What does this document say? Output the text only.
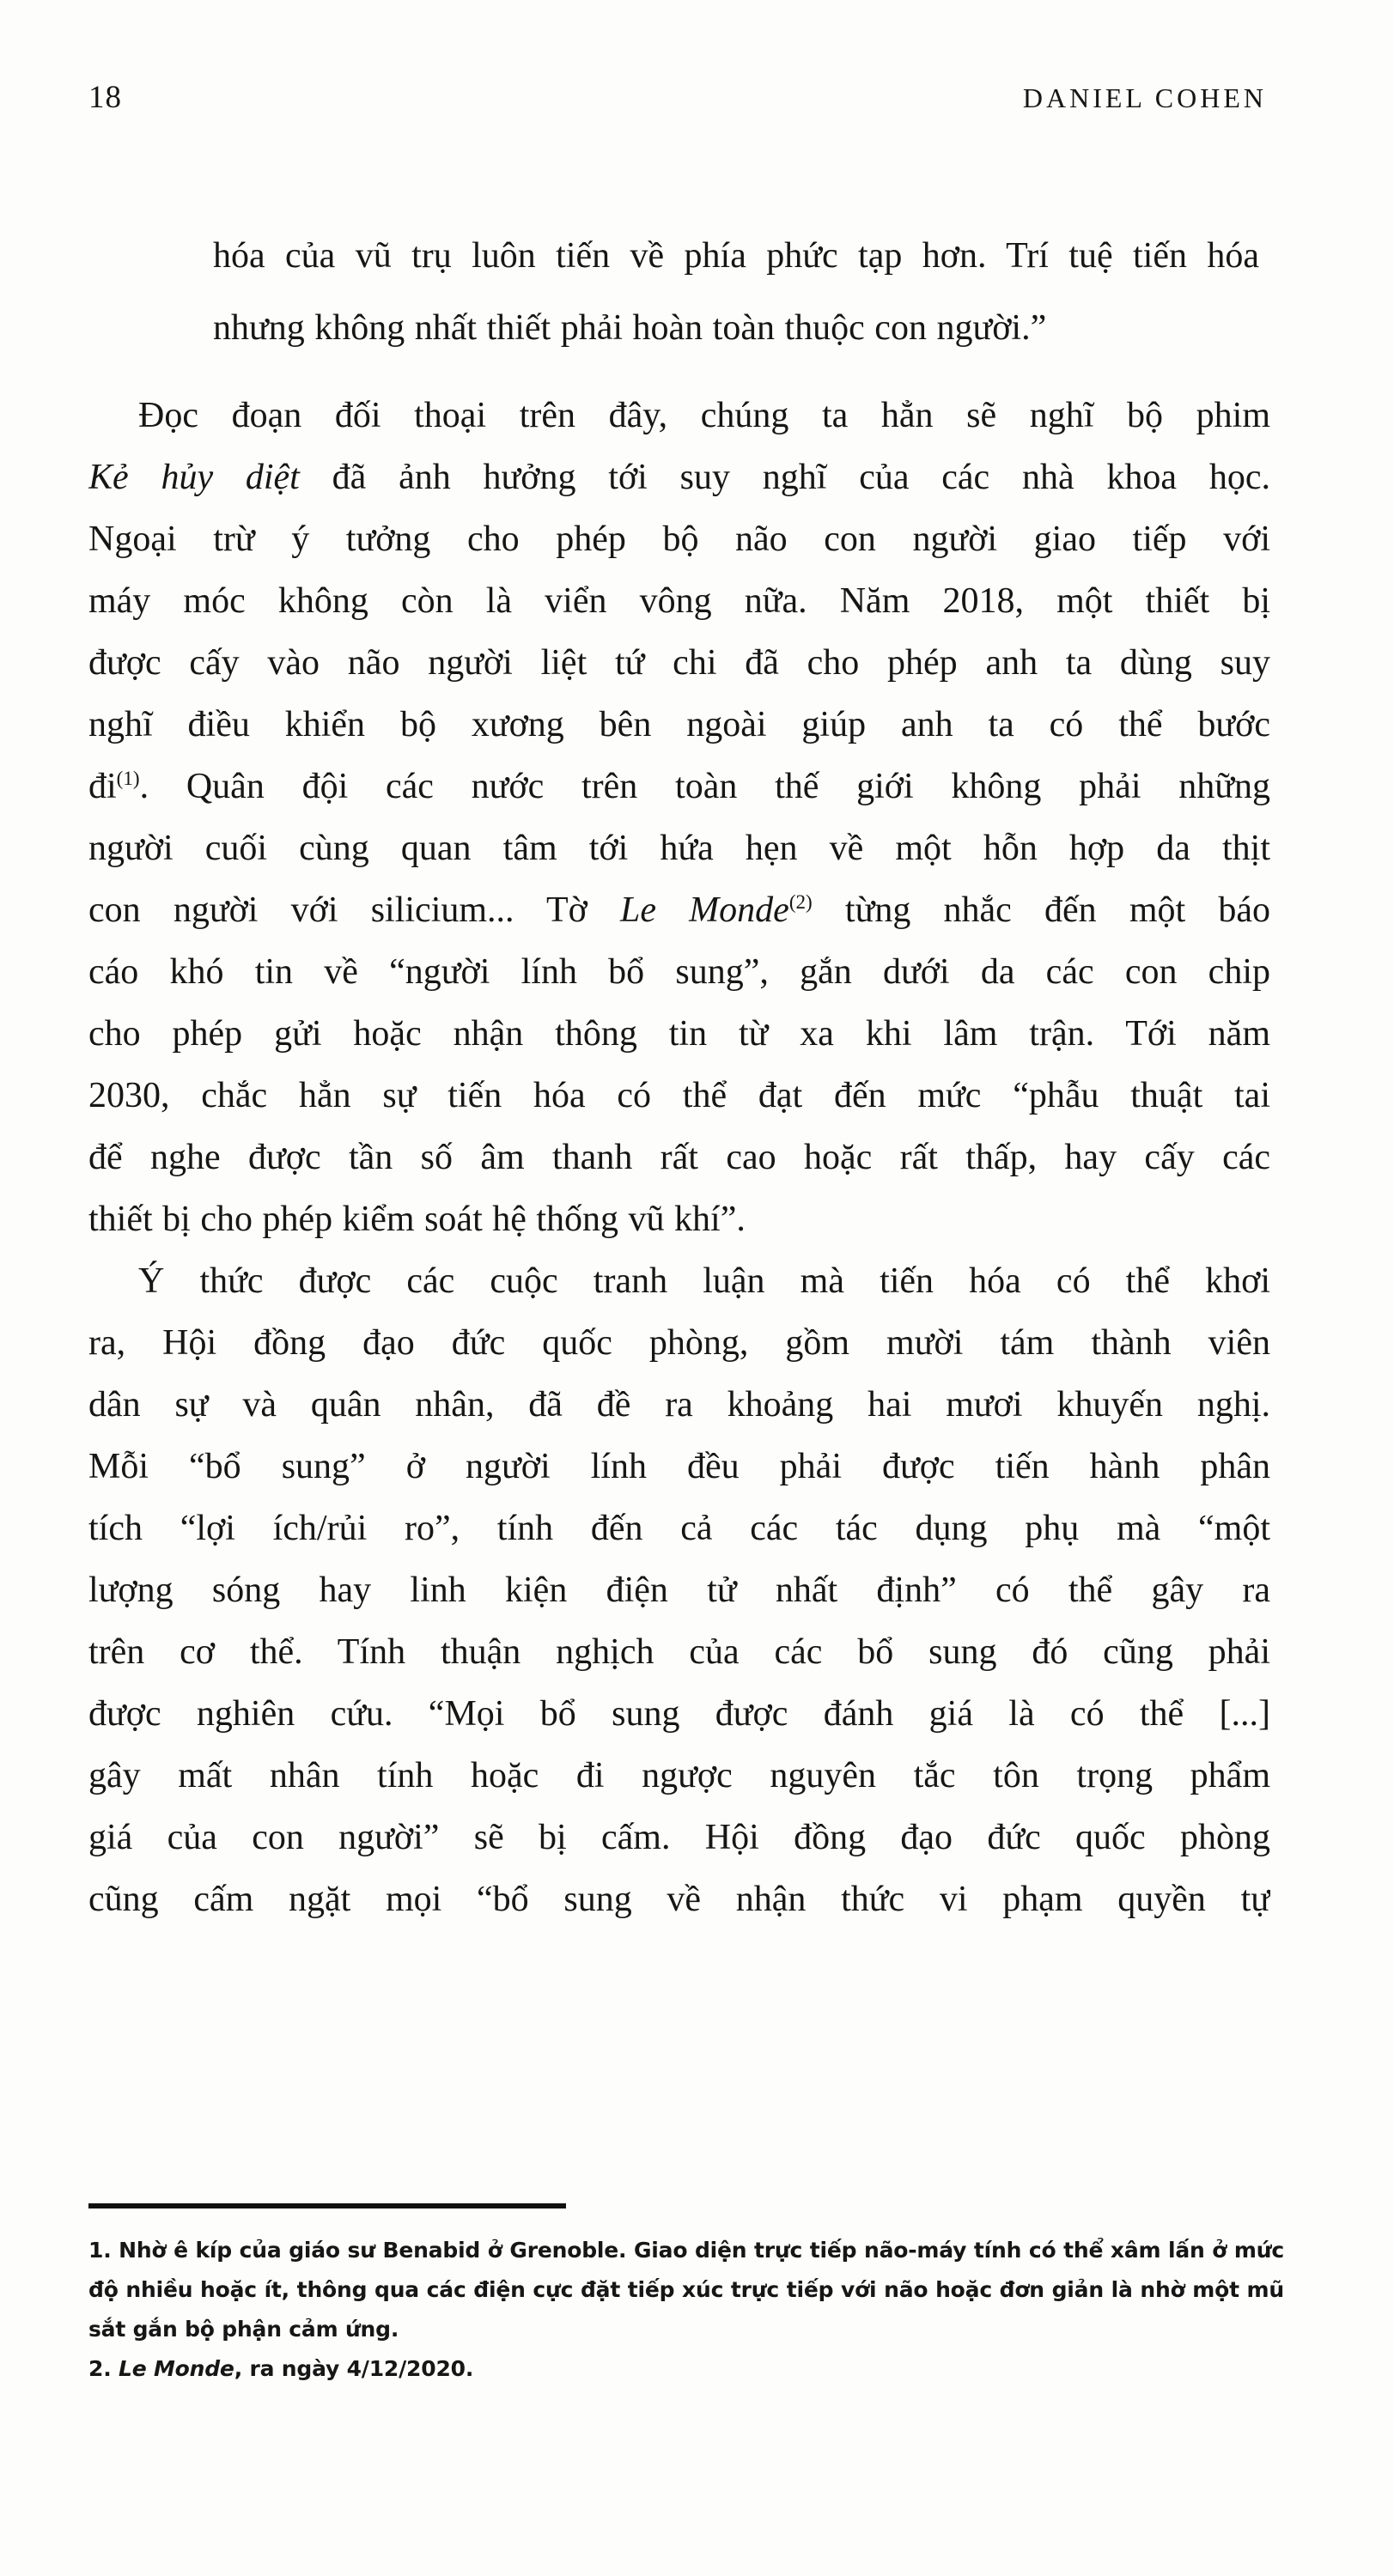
18	DANIEL COHEN
hóa của vũ trụ luôn tiến về phía phức tạp hơn. Trí tuệ tiến hóa
nhưng không nhất thiết phải hoàn toàn thuộc con người.”
Đọc đoạn đối thoại trên đây, chúng ta hẳn sẽ nghĩ bộ phim
Kẻ hủy diệt đã ảnh hưởng tới suy nghĩ của các nhà khoa học.
Ngoại trừ ý tưởng cho phép bộ não con người giao tiếp với
máy móc không còn là viển vông nữa. Năm 2018, một thiết bị
được cấy vào não người liệt tứ chi đã cho phép anh ta dùng suy
nghĩ điều khiển bộ xương bên ngoài giúp anh ta có thể bước
$đi^{(1)}$. Quân đội các nước trên toàn thế giới không phải những
người cuối cùng quan tâm tới hứa hẹn về một hỗn hợp da thịt
con người với silicium... Tờ Le Monde$^{(2)}$ từng nhắc đến một báo
cáo khó tin về “người lính bổ sung”, gắn dưới da các con chip
cho phép gửi hoặc nhận thông tin từ xa khi lâm trận. Tới năm
2030, chắc hẳn sự tiến hóa có thể đạt đến mức “phẫu thuật tai
để nghe được tần số âm thanh rất cao hoặc rất thấp, hay cấy các
thiết bị cho phép kiểm soát hệ thống vũ khí”.
Ý thức được các cuộc tranh luận mà tiến hóa có thể khơi
ra, Hội đồng đạo đức quốc phòng, gồm mười tám thành viên
dân sự và quân nhân, đã đề ra khoảng hai mươi khuyến nghị.
Mỗi “bổ sung” ở người lính đều phải được tiến hành phân
tích “lợi ích/rủi ro”, tính đến cả các tác dụng phụ mà “một
lượng sóng hay linh kiện điện tử nhất định” có thể gây ra
trên cơ thể. Tính thuận nghịch của các bổ sung đó cũng phải
được nghiên cứu. “Mọi bổ sung được đánh giá là có thể [...]
gây mất nhân tính hoặc đi ngược nguyên tắc tôn trọng phẩm
giá của con người” sẽ bị cấm. Hội đồng đạo đức quốc phòng
cũng cấm ngặt mọi “bổ sung về nhận thức vi phạm quyền tự

1. Nhờ ê kíp của giáo sư Benabid ở Grenoble. Giao diện trực tiếp não-máy tính có thể xâm lấn ở mức độ nhiều hoặc ít, thông qua các điện cực đặt tiếp xúc trực tiếp với não hoặc đơn giản là nhờ một mũ sắt gắn bộ phận cảm ứng.

2. Le Monde, ra ngày 4/12/2020.
